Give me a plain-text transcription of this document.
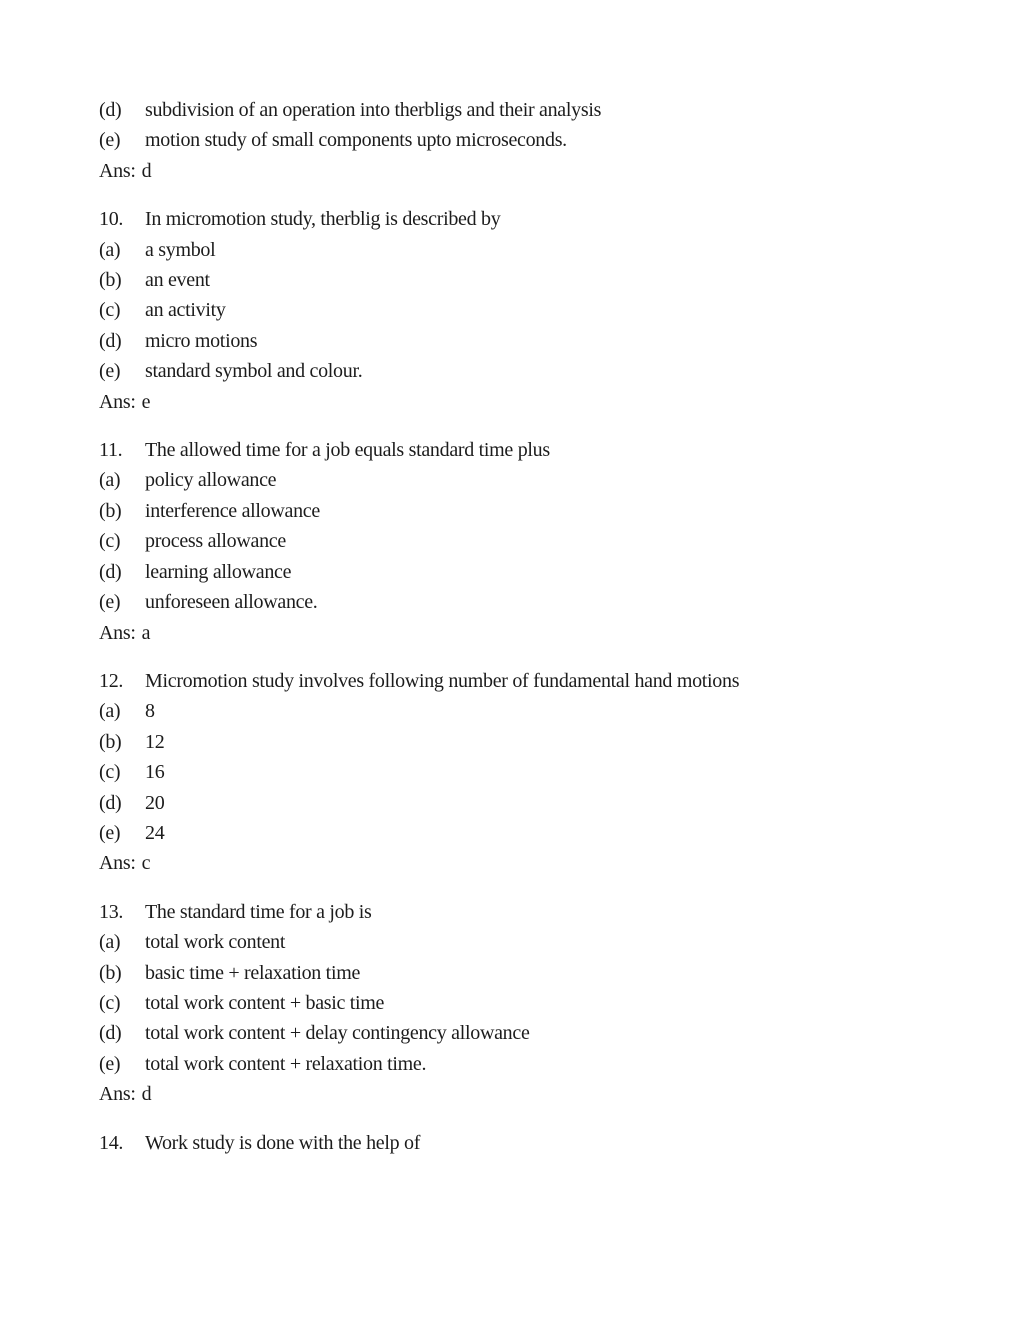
(d)	subdivision of an operation into therbligs and their analysis
(e)	motion study of small components upto microseconds.
Ans: d
10.	In micromotion study, therblig is described by
(a)	a symbol
(b)	an event
(c)	an activity
(d)	micro motions
(e)	standard symbol and colour.
Ans: e
11.	The allowed time for a job equals standard time plus
(a)	policy allowance
(b)	interference allowance
(c)	process allowance
(d)	learning allowance
(e)	unforeseen allowance.
Ans: a
12.	Micromotion study involves following number of fundamental hand motions
(a)	8
(b)	12
(c)	16
(d)	20
(e)	24
Ans: c
13.	The standard time for a job is
(a)	total work content
(b)	basic time + relaxation time
(c)	total work content + basic time
(d)	total work content + delay contingency allowance
(e)	total work content + relaxation time.
Ans: d
14.	Work study is done with the help of
